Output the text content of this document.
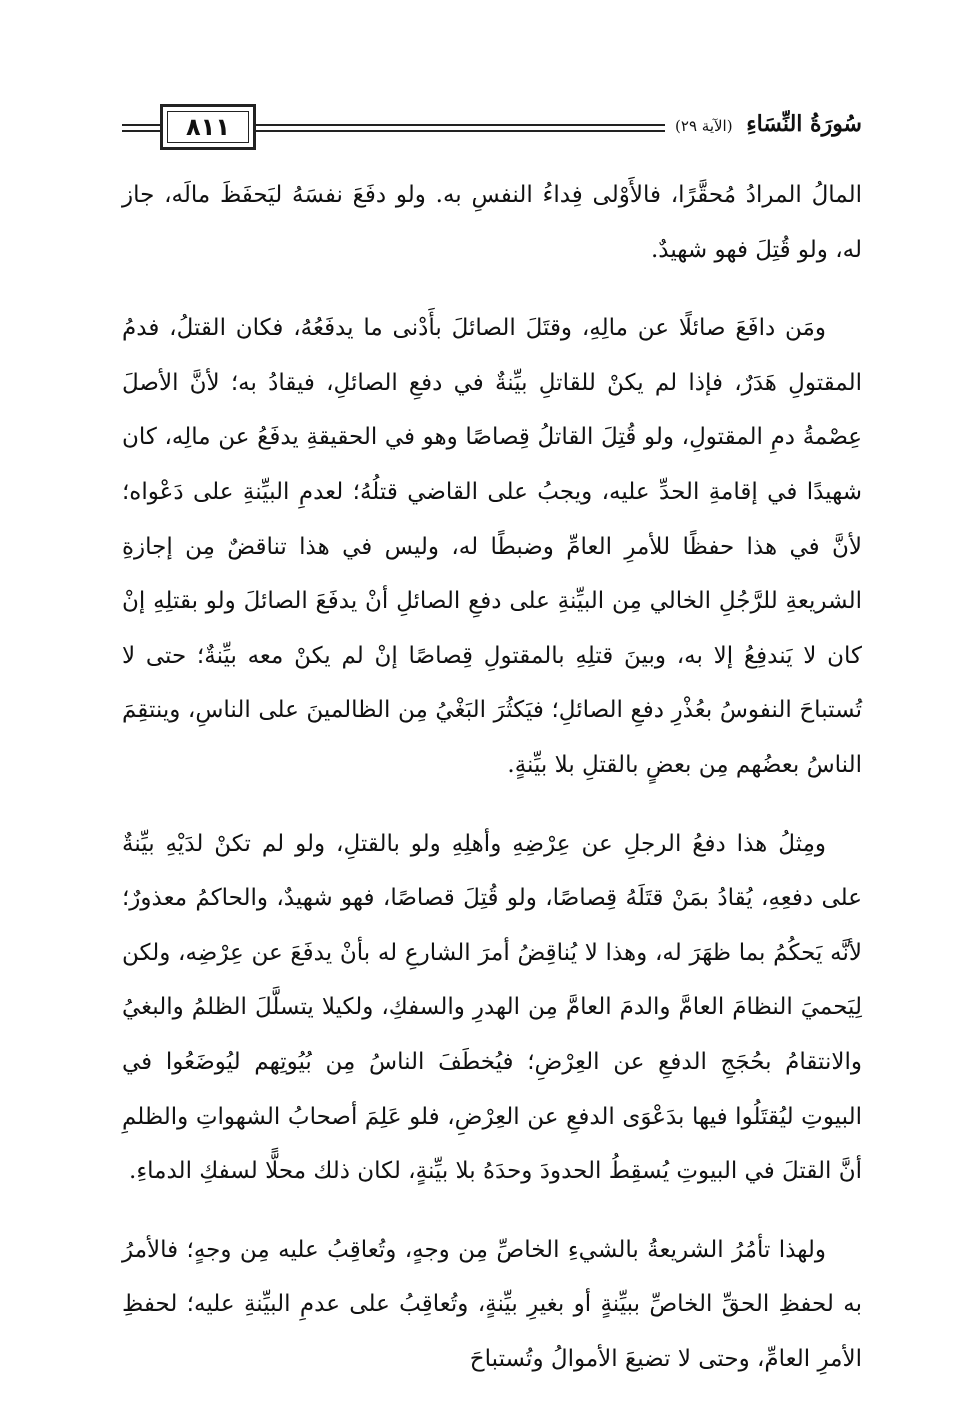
سُورَةُ النِّسَاءِ (الآية ٢٩)
٨١١

المالُ المرادُ مُحقَّرًا، فالأَوْلى فِداءُ النفسِ به. ولو دفَعَ نفسَهُ ليَحفَظَ مالَه، جاز له، ولو قُتِلَ فهو شهيدٌ.

ومَن دافَعَ صائلًا عن مالِهِ، وقتَلَ الصائلَ بأَدْنى ما يدفَعُهُ، فكان القتلُ، فدمُ المقتولِ هَدَرٌ، فإذا لم يكنْ للقاتلِ بيِّنةٌ في دفعِ الصائلِ، فيقادُ به؛ لأنَّ الأصلَ عِصْمةُ دمِ المقتولِ، ولو قُتِلَ القاتلُ قِصاصًا وهو في الحقيقةِ يدفَعُ عن مالِه، كان شهيدًا في إقامةِ الحدِّ عليه، ويجبُ على القاضي قتلُهُ؛ لعدمِ البيِّنةِ على دَعْواه؛ لأنَّ في هذا حفظًا للأمرِ العامِّ وضبطًا له، وليس في هذا تناقضٌ مِن إجازةِ الشريعةِ للرَّجُلِ الخالي مِن البيِّنةِ على دفعِ الصائلِ أنْ يدفَعَ الصائلَ ولو بقتلِهِ إنْ كان لا يَندفِعُ إلا به، وبينَ قتلِهِ بالمقتولِ قِصاصًا إنْ لم يكنْ معه بيِّنةٌ؛ حتى لا تُستباحَ النفوسُ بعُذْرِ دفعِ الصائلِ؛ فيَكثُرَ البَغْيُ مِن الظالمينَ على الناسِ، وينتقِمَ الناسُ بعضُهم مِن بعضٍ بالقتلِ بلا بيِّنةٍ.

ومِثلُ هذا دفعُ الرجلِ عن عِرْضِهِ وأهلِهِ ولو بالقتلِ، ولو لم تكنْ لدَيْهِ بيِّنةٌ على دفعِهِ، يُقادُ بمَنْ قتَلَهُ قِصاصًا، ولو قُتِلَ قصاصًا، فهو شهيدٌ، والحاكمُ معذورٌ؛ لأنَّه يَحكُمُ بما ظهَرَ له، وهذا لا يُناقِضُ أمرَ الشارعِ له بأنْ يدفَعَ عن عِرْضِه، ولكن لِيَحميَ النظامَ العامَّ والدمَ العامَّ مِن الهدرِ والسفكِ، ولكيلا يتسلَّلَ الظلمُ والبغيُ والانتقامُ بحُجَجِ الدفعِ عن العِرْضِ؛ فيُخطَفَ الناسُ مِن بُيُوتِهم ليُوضَعُوا في البيوتِ ليُقتَلُوا فيها بدَعْوَى الدفعِ عن العِرْضِ، فلو عَلِمَ أصحابُ الشهواتِ والظلمِ أنَّ القتلَ في البيوتِ يُسقِطُ الحدودَ وحدَهُ بلا بيِّنةٍ، لكان ذلك محلًّا لسفكِ الدماءِ.

ولهذا تأمُرُ الشريعةُ بالشيءِ الخاصِّ مِن وجهٍ، وتُعاقِبُ عليه مِن وجهٍ؛ فالأمرُ به لحفظِ الحقِّ الخاصِّ ببيِّنةٍ أو بغيرِ بيِّنةٍ، وتُعاقِبُ على عدمِ البيِّنةِ عليه؛ لحفظِ الأمرِ العامِّ، وحتى لا تضيعَ الأموالُ وتُستباحَ
